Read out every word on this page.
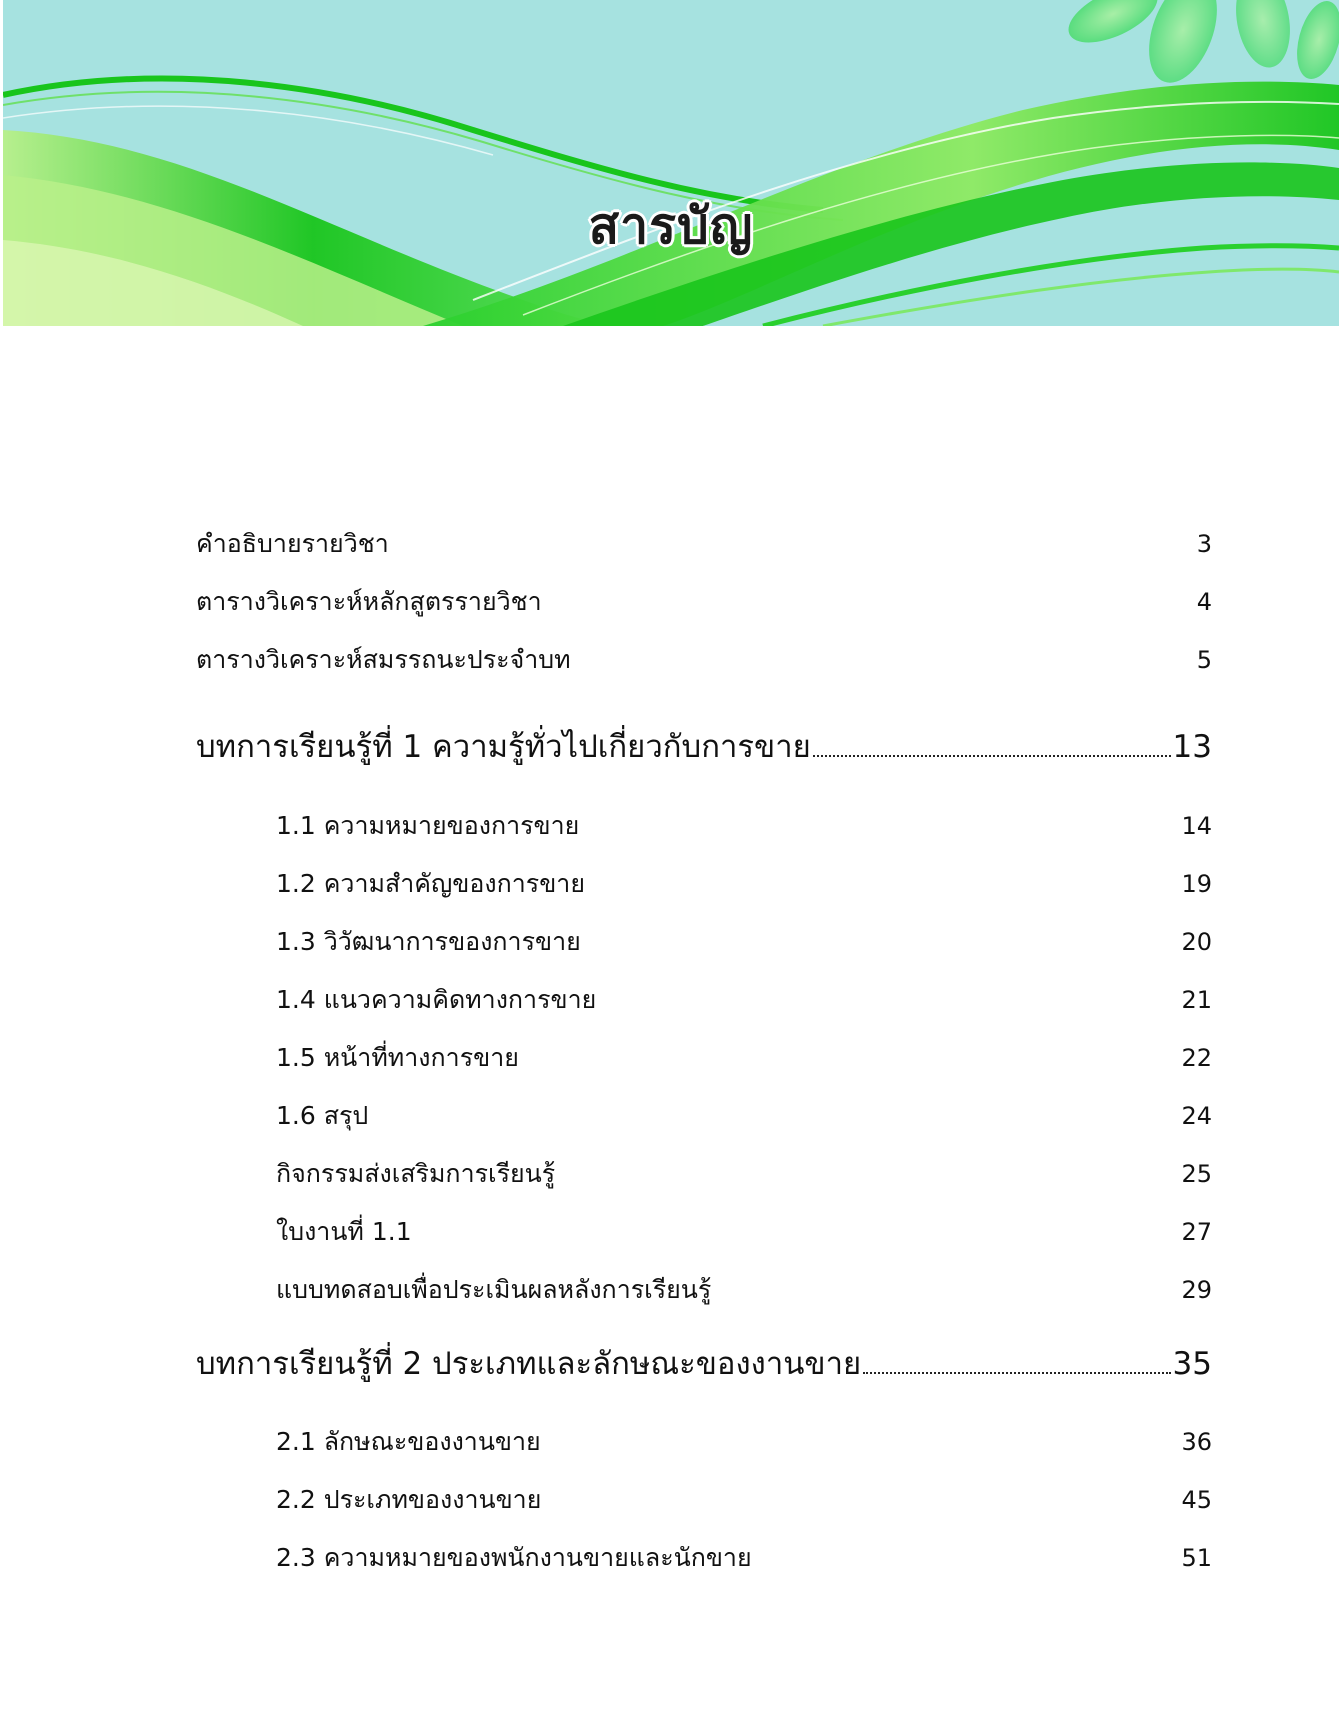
สารบัญ
คำอธิบายรายวิชา	3
ตารางวิเคราะห์หลักสูตรรายวิชา	4
ตารางวิเคราะห์สมรรถนะประจำบท	5
บทการเรียนรู้ที่ 1 ความรู้ทั่วไปเกี่ยวกับการขาย	13
1.1 ความหมายของการขาย	14
1.2 ความสำคัญของการขาย	19
1.3 วิวัฒนาการของการขาย	20
1.4 แนวความคิดทางการขาย	21
1.5 หน้าที่ทางการขาย	22
1.6 สรุป	24
กิจกรรมส่งเสริมการเรียนรู้	25
ใบงานที่ 1.1	27
แบบทดสอบเพื่อประเมินผลหลังการเรียนรู้	29
บทการเรียนรู้ที่ 2 ประเภทและลักษณะของงานขาย	35
2.1 ลักษณะของงานขาย	36
2.2 ประเภทของงานขาย	45
2.3 ความหมายของพนักงานขายและนักขาย	51
